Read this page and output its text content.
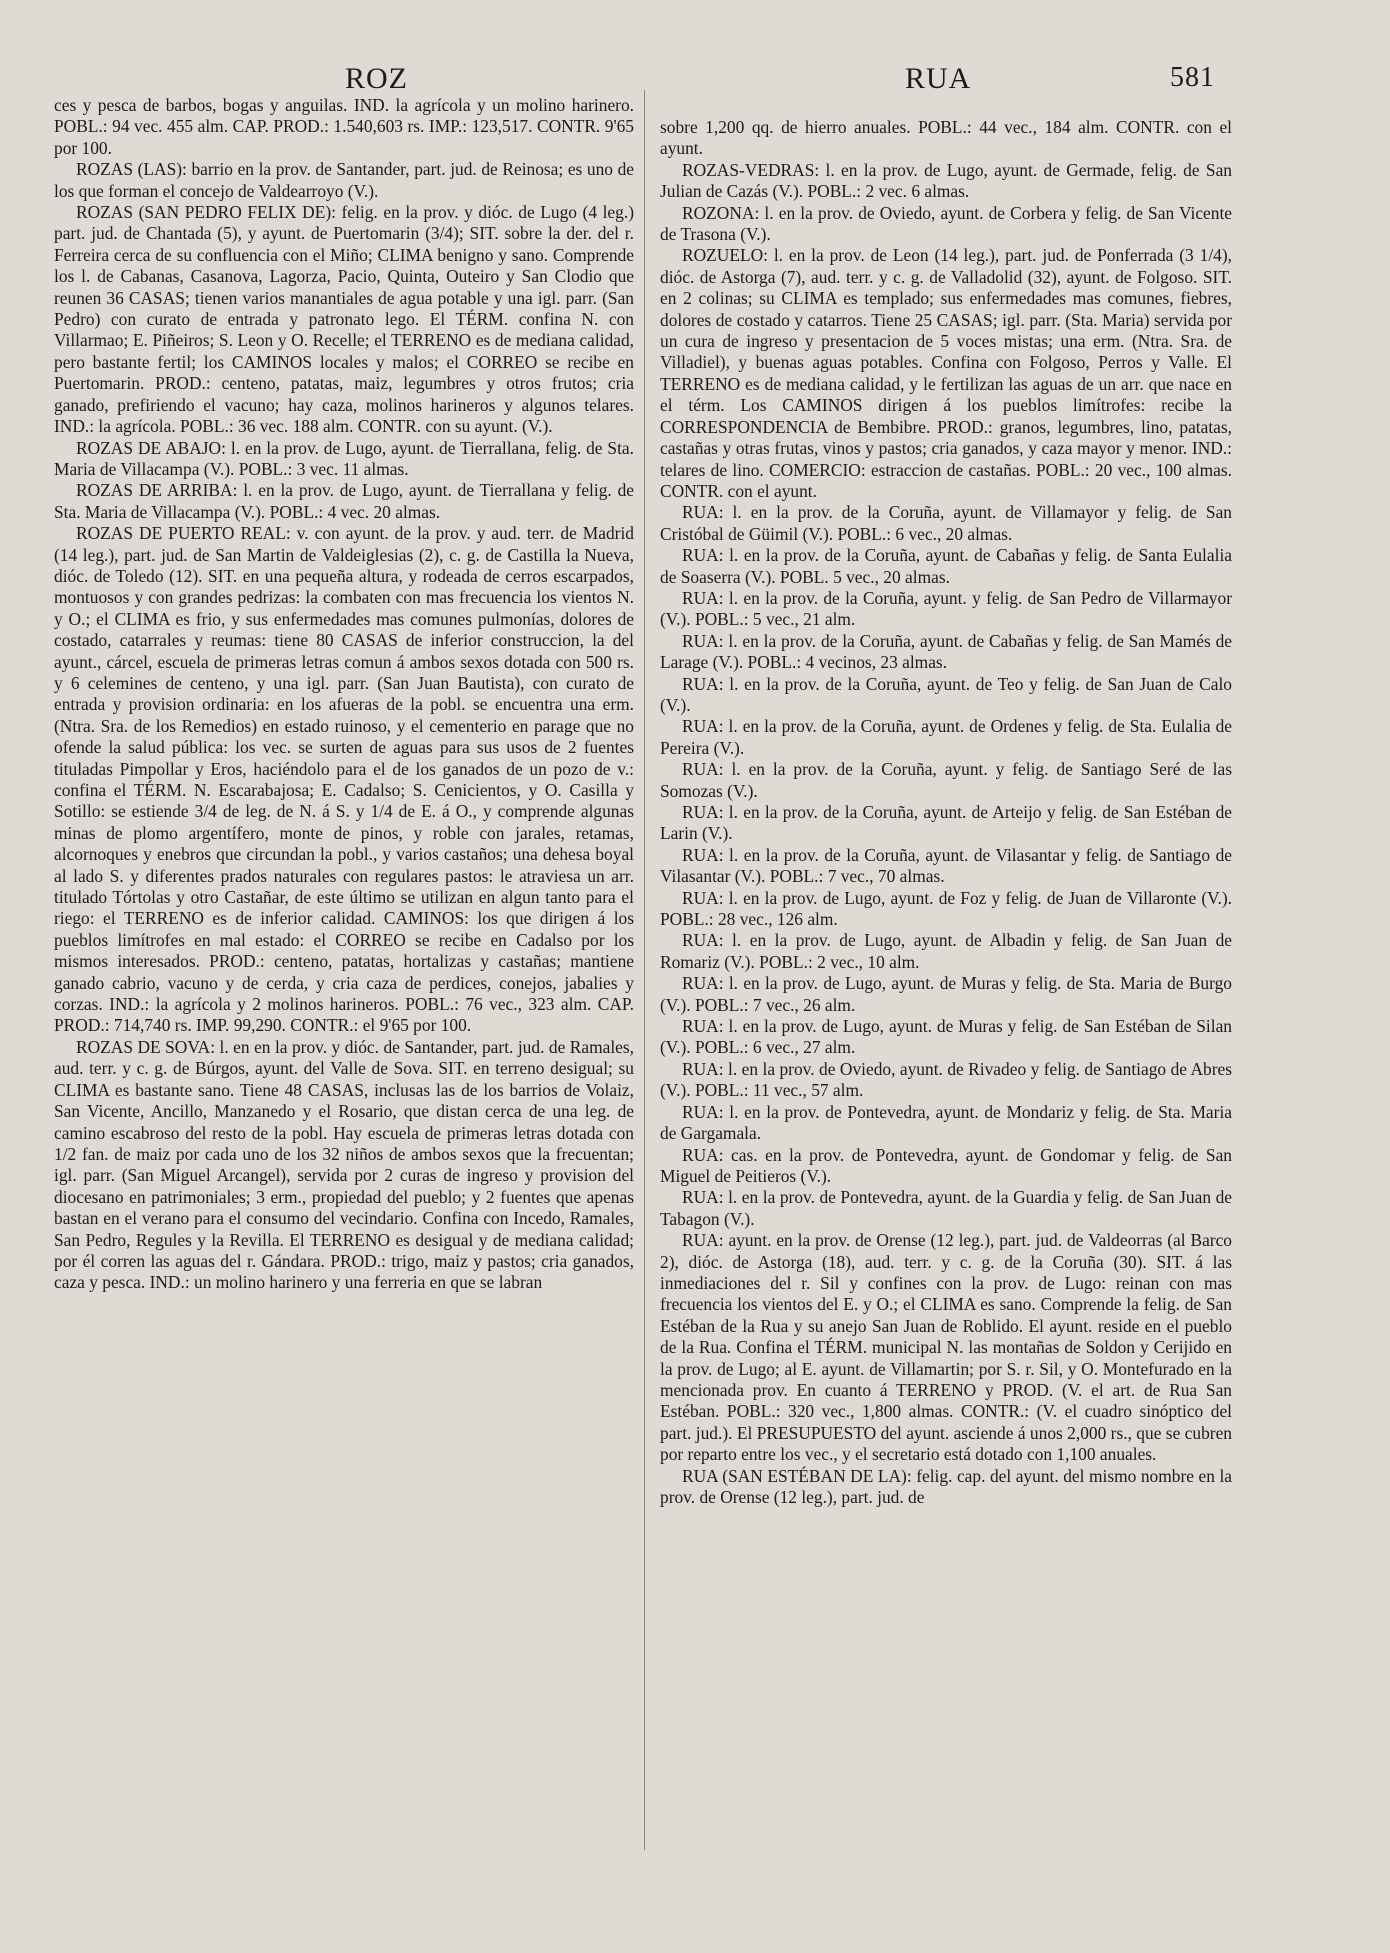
ROZ	RUA	581

ces y pesca de barbos, bogas y anguilas. IND. la agrícola y un molino harinero. POBL.: 94 vec. 455 alm. CAP. PROD.: 1.540,603 rs. IMP.: 123,517. CONTR. 9'65 por 100.

ROZAS (LAS): barrio en la prov. de Santander, part. jud. de Reinosa; es uno de los que forman el concejo de Valdearroyo (V.).

ROZAS (SAN PEDRO FELIX DE): felig. en la prov. y dióc. de Lugo (4 leg.) part. jud. de Chantada (5), y ayunt. de Puertomarin (3/4); SIT. sobre la der. del r. Ferreira cerca de su confluencia con el Miño; CLIMA benigno y sano. Comprende los l. de Cabanas, Casanova, Lagorza, Pacio, Quinta, Outeiro y San Clodio que reunen 36 CASAS; tienen varios manantiales de agua potable y una igl. parr. (San Pedro) con curato de entrada y patronato lego. El TÉRM. confina N. con Villarmao; E. Piñeiros; S. Leon y O. Recelle; el TERRENO es de mediana calidad, pero bastante fertil; los CAMINOS locales y malos; el CORREO se recibe en Puertomarin. PROD.: centeno, patatas, maiz, legumbres y otros frutos; cria ganado, prefiriendo el vacuno; hay caza, molinos harineros y algunos telares. IND.: la agrícola. POBL.: 36 vec. 188 alm. CONTR. con su ayunt. (V.).

ROZAS DE ABAJO: l. en la prov. de Lugo, ayunt. de Tierrallana, felig. de Sta. Maria de Villacampa (V.). POBL.: 3 vec. 11 almas.

ROZAS DE ARRIBA: l. en la prov. de Lugo, ayunt. de Tierrallana y felig. de Sta. Maria de Villacampa (V.). POBL.: 4 vec. 20 almas.

ROZAS DE PUERTO REAL: v. con ayunt. de la prov. y aud. terr. de Madrid (14 leg.), part. jud. de San Martin de Valdeiglesias (2), c. g. de Castilla la Nueva, dióc. de Toledo (12). SIT. en una pequeña altura, y rodeada de cerros escarpados, montuosos y con grandes pedrizas: la combaten con mas frecuencia los vientos N. y O.; el CLIMA es frio, y sus enfermedades mas comunes pulmonías, dolores de costado, catarrales y reumas: tiene 80 CASAS de inferior construccion, la del ayunt., cárcel, escuela de primeras letras comun á ambos sexos dotada con 500 rs. y 6 celemines de centeno, y una igl. parr. (San Juan Bautista), con curato de entrada y provision ordinaria: en los afueras de la pobl. se encuentra una erm. (Ntra. Sra. de los Remedios) en estado ruinoso, y el cementerio en parage que no ofende la salud pública: los vec. se surten de aguas para sus usos de 2 fuentes tituladas Pimpollar y Eros, haciéndolo para el de los ganados de un pozo de v.: confina el TÉRM. N. Escarabajosa; E. Cadalso; S. Cenicientos, y O. Casilla y Sotillo: se estiende 3/4 de leg. de N. á S. y 1/4 de E. á O., y comprende algunas minas de plomo argentífero, monte de pinos, y roble con jarales, retamas, alcornoques y enebros que circundan la pobl., y varios castaños; una dehesa boyal al lado S. y diferentes prados naturales con regulares pastos: le atraviesa un arr. titulado Tórtolas y otro Castañar, de este último se utilizan en algun tanto para el riego: el TERRENO es de inferior calidad. CAMINOS: los que dirigen á los pueblos limítrofes en mal estado: el CORREO se recibe en Cadalso por los mismos interesados. PROD.: centeno, patatas, hortalizas y castañas; mantiene ganado cabrio, vacuno y de cerda, y cria caza de perdices, conejos, jabalies y corzas. IND.: la agrícola y 2 molinos harineros. POBL.: 76 vec., 323 alm. CAP. PROD.: 714,740 rs. IMP. 99,290. CONTR.: el 9'65 por 100.

ROZAS DE SOVA: l. en en la prov. y dióc. de Santander, part. jud. de Ramales, aud. terr. y c. g. de Búrgos, ayunt. del Valle de Sova. SIT. en terreno desigual; su CLIMA es bastante sano. Tiene 48 CASAS, inclusas las de los barrios de Volaiz, San Vicente, Ancillo, Manzanedo y el Rosario, que distan cerca de una leg. de camino escabroso del resto de la pobl. Hay escuela de primeras letras dotada con 1/2 fan. de maiz por cada uno de los 32 niños de ambos sexos que la frecuentan; igl. parr. (San Miguel Arcangel), servida por 2 curas de ingreso y provision del diocesano en patrimoniales; 3 erm., propiedad del pueblo; y 2 fuentes que apenas bastan en el verano para el consumo del vecindario. Confina con Incedo, Ramales, San Pedro, Regules y la Revilla. El TERRENO es desigual y de mediana calidad; por él corren las aguas del r. Gándara. PROD.: trigo, maiz y pastos; cria ganados, caza y pesca. IND.: un molino harinero y una ferreria en que se labran

sobre 1,200 qq. de hierro anuales. POBL.: 44 vec., 184 alm. CONTR. con el ayunt.

ROZAS-VEDRAS: l. en la prov. de Lugo, ayunt. de Germade, felig. de San Julian de Cazás (V.). POBL.: 2 vec. 6 almas.

ROZONA: l. en la prov. de Oviedo, ayunt. de Corbera y felig. de San Vicente de Trasona (V.).

ROZUELO: l. en la prov. de Leon (14 leg.), part. jud. de Ponferrada (3 1/4), dióc. de Astorga (7), aud. terr. y c. g. de Valladolid (32), ayunt. de Folgoso. SIT. en 2 colinas; su CLIMA es templado; sus enfermedades mas comunes, fiebres, dolores de costado y catarros. Tiene 25 CASAS; igl. parr. (Sta. Maria) servida por un cura de ingreso y presentacion de 5 voces mistas; una erm. (Ntra. Sra. de Villadiel), y buenas aguas potables. Confina con Folgoso, Perros y Valle. El TERRENO es de mediana calidad, y le fertilizan las aguas de un arr. que nace en el térm. Los CAMINOS dirigen á los pueblos limítrofes: recibe la CORRESPONDENCIA de Bembibre. PROD.: granos, legumbres, lino, patatas, castañas y otras frutas, vinos y pastos; cria ganados, y caza mayor y menor. IND.: telares de lino. COMERCIO: estraccion de castañas. POBL.: 20 vec., 100 almas. CONTR. con el ayunt.

RUA: l. en la prov. de la Coruña, ayunt. de Villamayor y felig. de San Cristóbal de Güimil (V.). POBL.: 6 vec., 20 almas.

RUA: l. en la prov. de la Coruña, ayunt. de Cabañas y felig. de Santa Eulalia de Soaserra (V.). POBL. 5 vec., 20 almas.

RUA: l. en la prov. de la Coruña, ayunt. y felig. de San Pedro de Villarmayor (V.). POBL.: 5 vec., 21 alm.

RUA: l. en la prov. de la Coruña, ayunt. de Cabañas y felig. de San Mamés de Larage (V.). POBL.: 4 vecinos, 23 almas.

RUA: l. en la prov. de la Coruña, ayunt. de Teo y felig. de San Juan de Calo (V.).

RUA: l. en la prov. de la Coruña, ayunt. de Ordenes y felig. de Sta. Eulalia de Pereira (V.).

RUA: l. en la prov. de la Coruña, ayunt. y felig. de Santiago Seré de las Somozas (V.).

RUA: l. en la prov. de la Coruña, ayunt. de Arteijo y felig. de San Estéban de Larin (V.).

RUA: l. en la prov. de la Coruña, ayunt. de Vilasantar y felig. de Santiago de Vilasantar (V.). POBL.: 7 vec., 70 almas.

RUA: l. en la prov. de Lugo, ayunt. de Foz y felig. de Juan de Villaronte (V.). POBL.: 28 vec., 126 alm.

RUA: l. en la prov. de Lugo, ayunt. de Albadin y felig. de San Juan de Romariz (V.). POBL.: 2 vec., 10 alm.

RUA: l. en la prov. de Lugo, ayunt. de Muras y felig. de Sta. Maria de Burgo (V.). POBL.: 7 vec., 26 alm.

RUA: l. en la prov. de Lugo, ayunt. de Muras y felig. de San Estéban de Silan (V.). POBL.: 6 vec., 27 alm.

RUA: l. en la prov. de Oviedo, ayunt. de Rivadeo y felig. de Santiago de Abres (V.). POBL.: 11 vec., 57 alm.

RUA: l. en la prov. de Pontevedra, ayunt. de Mondariz y felig. de Sta. Maria de Gargamala.

RUA: cas. en la prov. de Pontevedra, ayunt. de Gondomar y felig. de San Miguel de Peitieros (V.).

RUA: l. en la prov. de Pontevedra, ayunt. de la Guardia y felig. de San Juan de Tabagon (V.).

RUA: ayunt. en la prov. de Orense (12 leg.), part. jud. de Valdeorras (al Barco 2), dióc. de Astorga (18), aud. terr. y c. g. de la Coruña (30). SIT. á las inmediaciones del r. Sil y confines con la prov. de Lugo: reinan con mas frecuencia los vientos del E. y O.; el CLIMA es sano. Comprende la felig. de San Estéban de la Rua y su anejo San Juan de Roblido. El ayunt. reside en el pueblo de la Rua. Confina el TÉRM. municipal N. las montañas de Soldon y Cerijido en la prov. de Lugo; al E. ayunt. de Villamartin; por S. r. Sil, y O. Montefurado en la mencionada prov. En cuanto á TERRENO y PROD. (V. el art. de Rua San Estéban. POBL.: 320 vec., 1,800 almas. CONTR.: (V. el cuadro sinóptico del part. jud.). El PRESUPUESTO del ayunt. asciende á unos 2,000 rs., que se cubren por reparto entre los vec., y el secretario está dotado con 1,100 anuales.

RUA (SAN ESTÉBAN DE LA): felig. cap. del ayunt. del mismo nombre en la prov. de Orense (12 leg.), part. jud. de
